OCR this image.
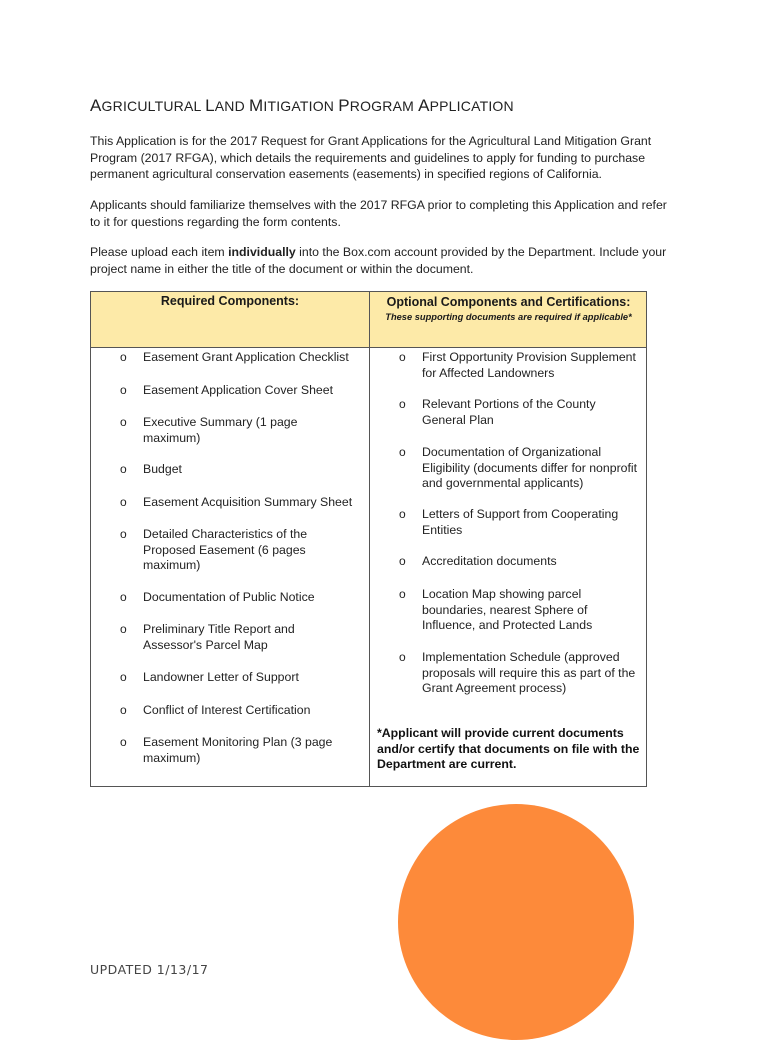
AGRICULTURAL LAND MITIGATION PROGRAM APPLICATION

This Application is for the 2017 Request for Grant Applications for the Agricultural Land Mitigation Grant Program (2017 RFGA), which details the requirements and guidelines to apply for funding to purchase permanent agricultural conservation easements (easements) in specified regions of California.

Applicants should familiarize themselves with the 2017 RFGA prior to completing this Application and refer to it for questions regarding the form contents.

Please upload each item individually into the Box.com account provided by the Department. Include your project name in either the title of the document or within the document.

Required Components:	Optional Components and Certifications:
These supporting documents are required if applicable*
o Easement Grant Application Checklist
o Easement Application Cover Sheet
o Executive Summary (1 page maximum)
o Budget
o Easement Acquisition Summary Sheet
o Detailed Characteristics of the Proposed Easement (6 pages maximum)
o Documentation of Public Notice
o Preliminary Title Report and Assessor's Parcel Map
o Landowner Letter of Support
o Conflict of Interest Certification
o Easement Monitoring Plan (3 page maximum)
o First Opportunity Provision Supplement for Affected Landowners
o Relevant Portions of the County General Plan
o Documentation of Organizational Eligibility (documents differ for nonprofit and governmental applicants)
o Letters of Support from Cooperating Entities
o Accreditation documents
o Location Map showing parcel boundaries, nearest Sphere of Influence, and Protected Lands
o Implementation Schedule (approved proposals will require this as part of the Grant Agreement process)
*Applicant will provide current documents and/or certify that documents on file with the Department are current.
UPDATED 1/13/17
